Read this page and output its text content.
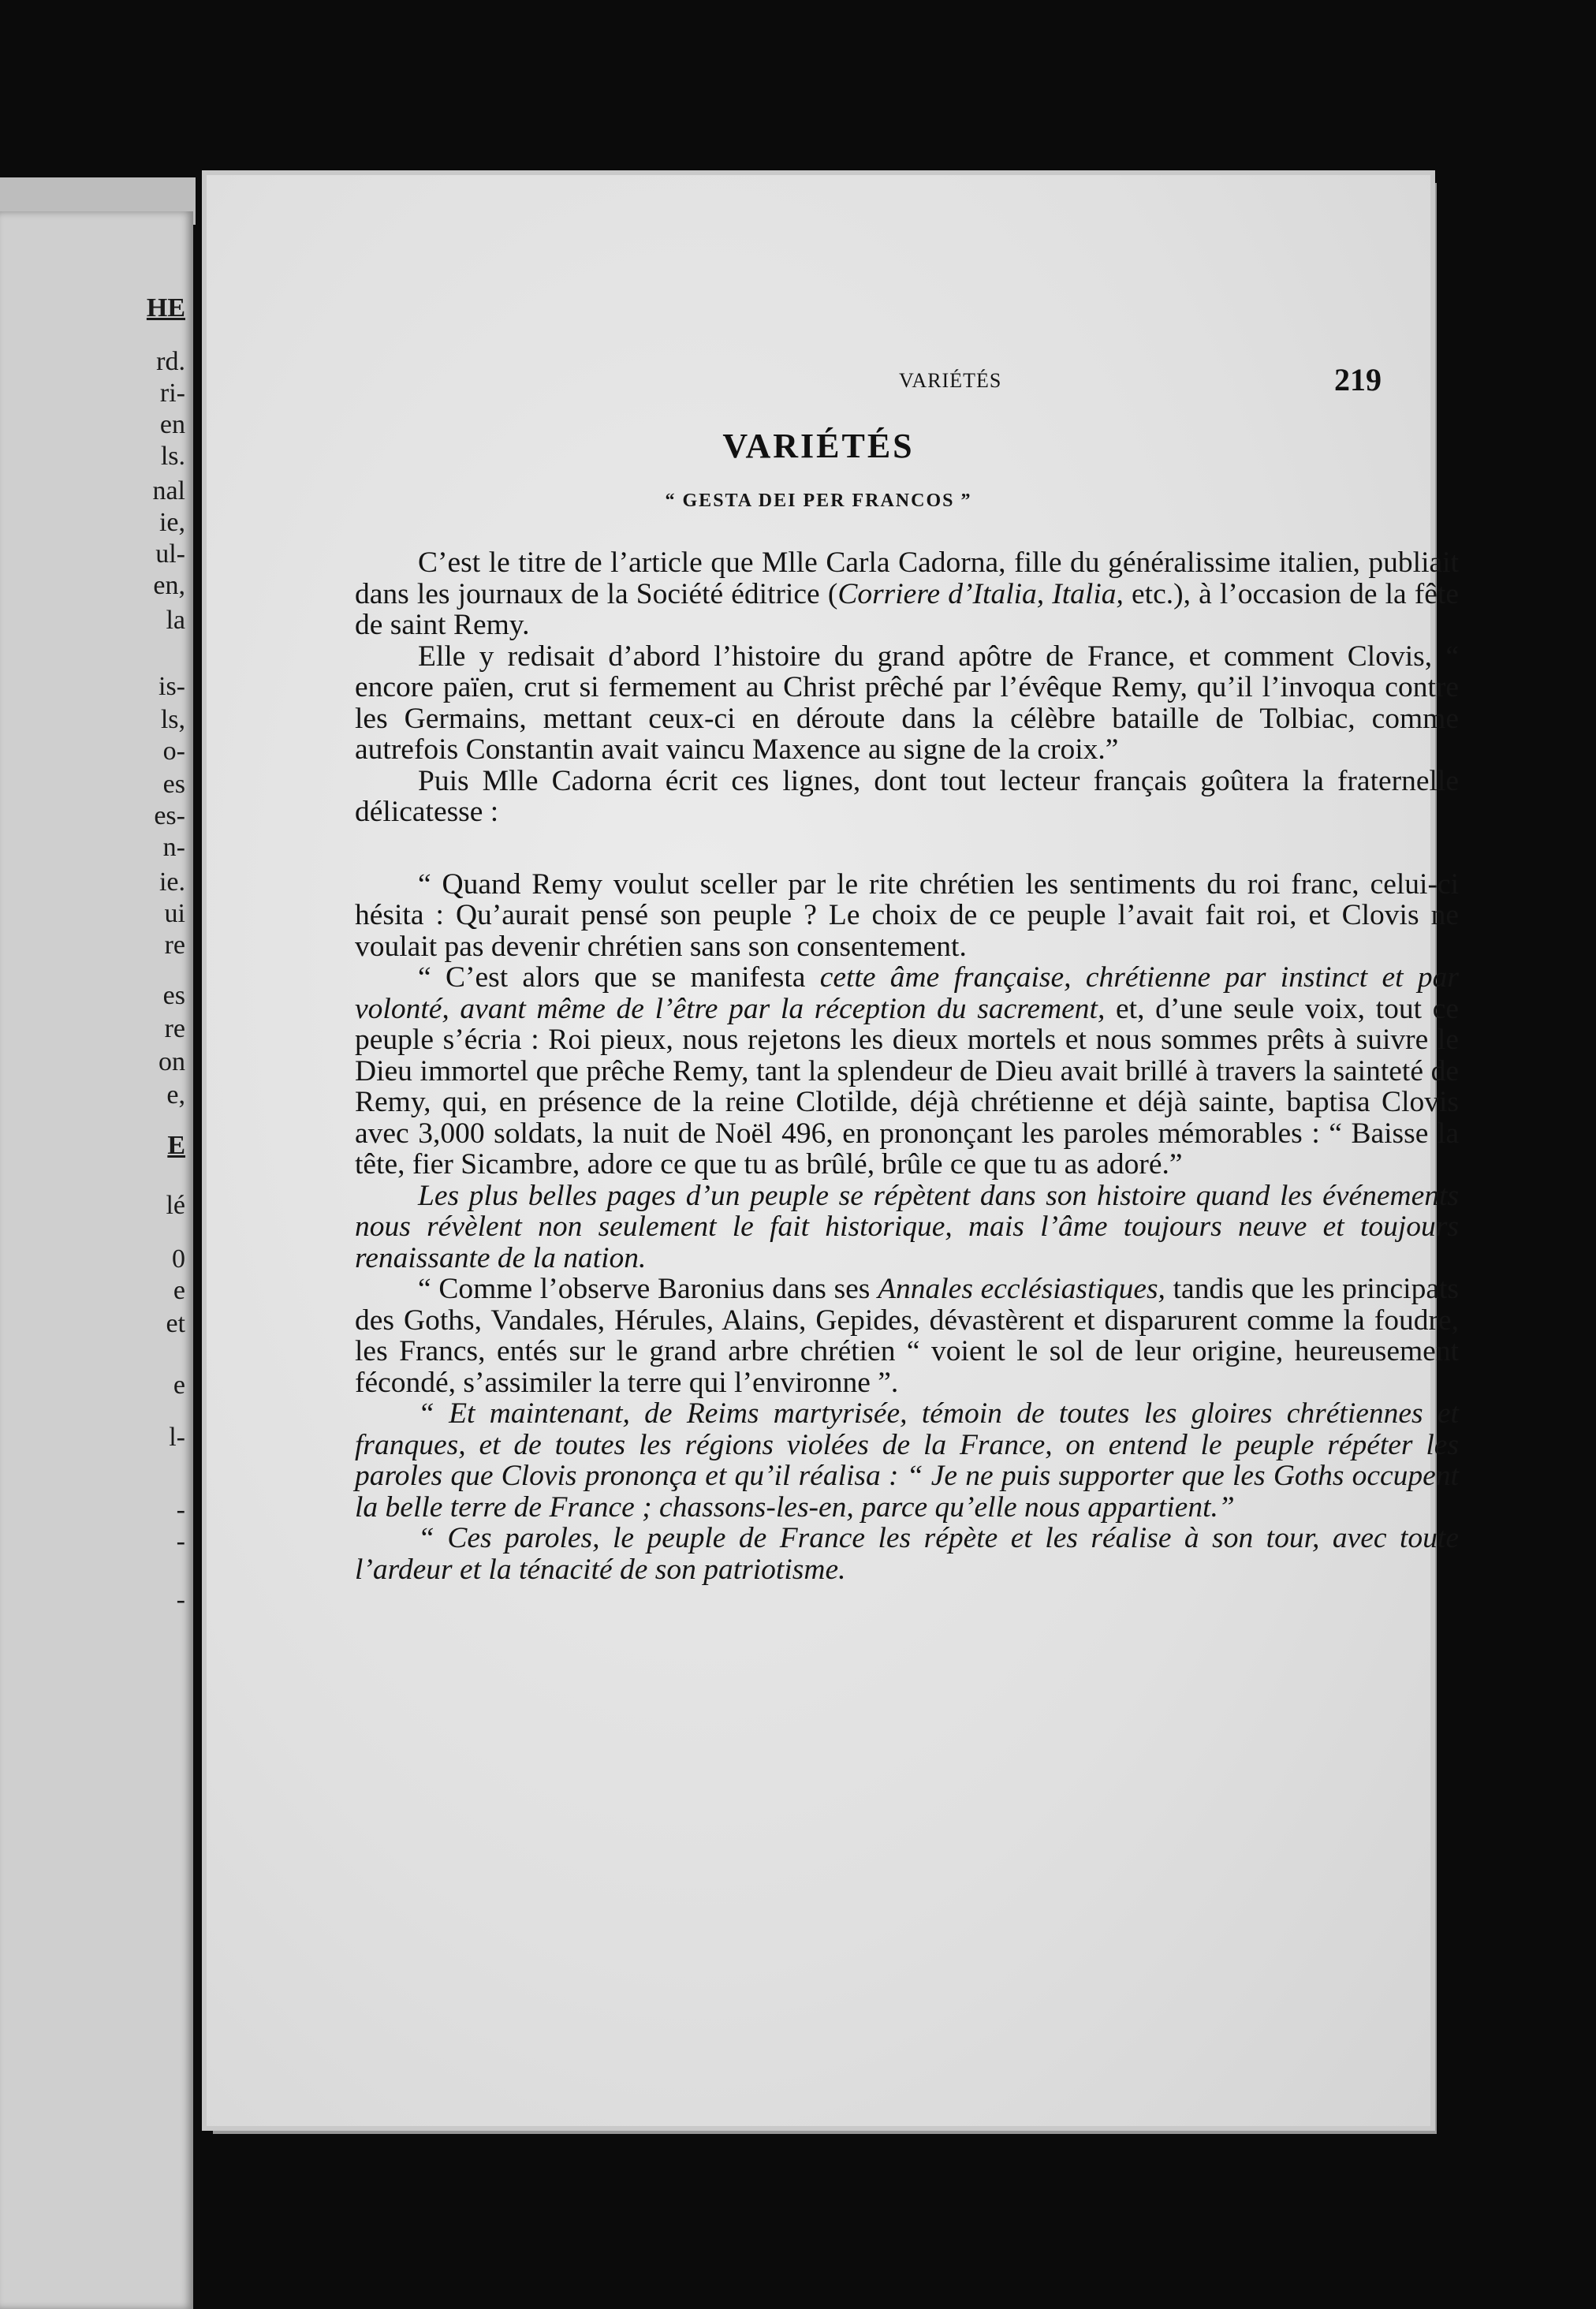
HE
rd.
ri-
en
ls.
nal
ie,
ul-
en,
la
is-
ls,
o-
es
es-
n-
ie.
ui
re
es
re
on
e,
E
lé
0
e
et
e
l-
-
-
-
VARIÉTÉS	219
VARIÉTÉS
“ GESTA DEI PER FRANCOS ”

C’est le titre de l’article que Mlle Carla Cadorna, fille du généralissime italien, publiait dans les journaux de la Société éditrice (Corriere d’Italia, Italia, etc.), à l’occasion de la fête de saint Remy.

Elle y redisait d’abord l’histoire du grand apôtre de France, et comment Clovis, “ encore païen, crut si fermement au Christ prêché par l’évêque Remy, qu’il l’invoqua contre les Germains, mettant ceux-ci en déroute dans la célèbre bataille de Tolbiac, comme autrefois Constantin avait vaincu Maxence au signe de la croix.”

Puis Mlle Cadorna écrit ces lignes, dont tout lecteur français goûtera la fraternelle délicatesse :

“ Quand Remy voulut sceller par le rite chrétien les sentiments du roi franc, celui-ci hésita : Qu’aurait pensé son peuple ? Le choix de ce peuple l’avait fait roi, et Clovis ne voulait pas devenir chrétien sans son consentement.

“ C’est alors que se manifesta cette âme française, chrétienne par instinct et par volonté, avant même de l’être par la réception du sacrement, et, d’une seule voix, tout ce peuple s’écria : Roi pieux, nous rejetons les dieux mortels et nous sommes prêts à suivre le Dieu immortel que prêche Remy, tant la splendeur de Dieu avait brillé à travers la sainteté de Remy, qui, en présence de la reine Clotilde, déjà chrétienne et déjà sainte, baptisa Clovis avec 3,000 soldats, la nuit de Noël 496, en prononçant les paroles mémorables : “ Baisse la tête, fier Sicambre, adore ce que tu as brûlé, brûle ce que tu as adoré.”

Les plus belles pages d’un peuple se répètent dans son histoire quand les événements nous révèlent non seulement le fait historique, mais l’âme toujours neuve et toujours renaissante de la nation.

“ Comme l’observe Baronius dans ses Annales ecclésiastiques, tandis que les principats des Goths, Vandales, Hérules, Alains, Gepides, dévastèrent et disparurent comme la foudre, les Francs, entés sur le grand arbre chrétien “ voient le sol de leur origine, heureusement fécondé, s’assimiler la terre qui l’environne ”.

“ Et maintenant, de Reims martyrisée, témoin de toutes les gloires chrétiennes et franques, et de toutes les régions violées de la France, on entend le peuple répéter les paroles que Clovis prononça et qu’il réalisa : “ Je ne puis supporter que les Goths occupent la belle terre de France ; chassons-les-en, parce qu’elle nous appartient.”

“ Ces paroles, le peuple de France les répète et les réalise à son tour, avec toute l’ardeur et la ténacité de son patriotisme.
